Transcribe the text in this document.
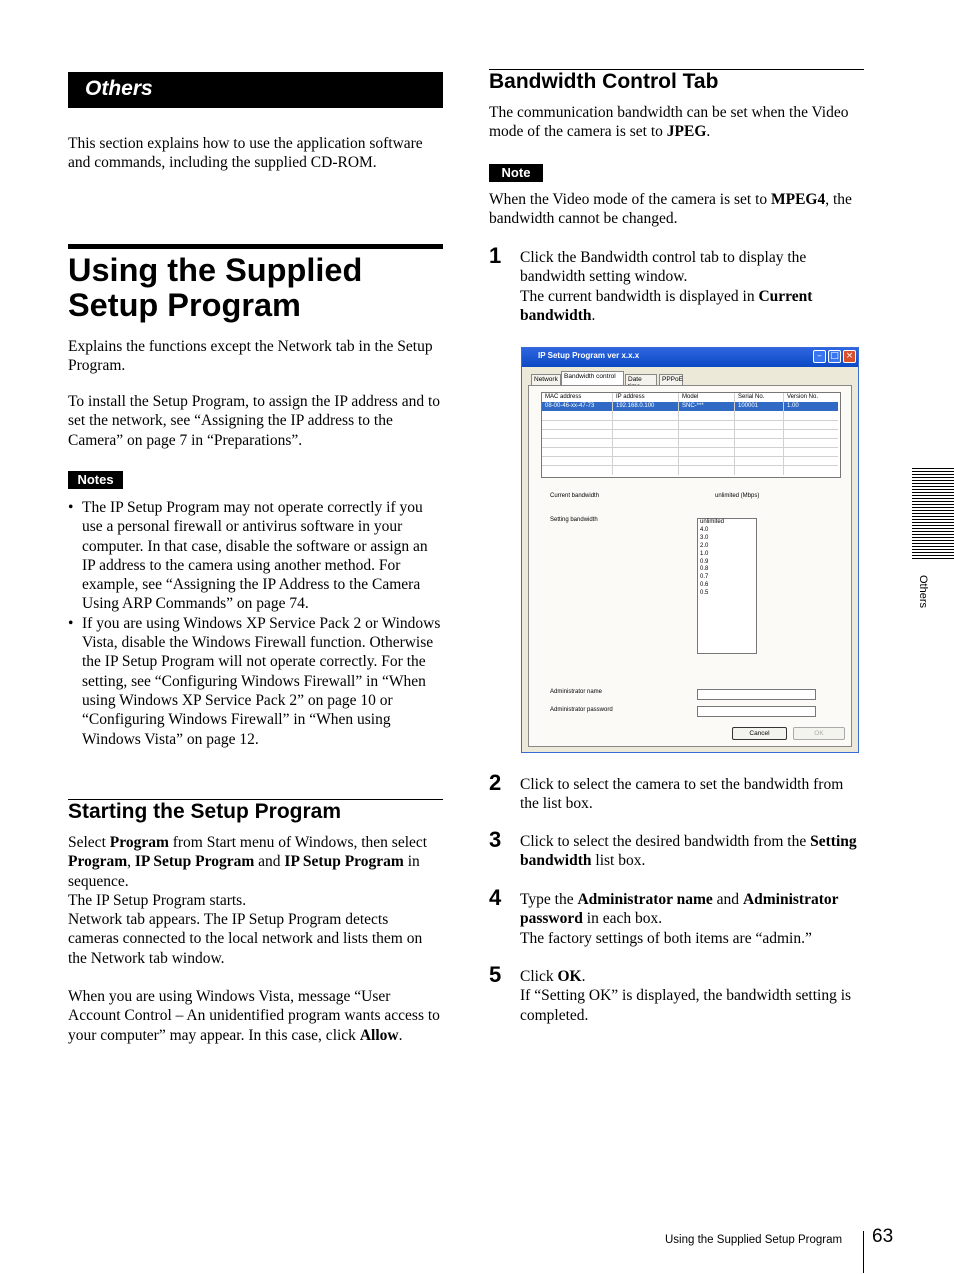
Others

This section explains how to use the application software and commands, including the supplied CD-ROM.

Using the Supplied
Setup Program

Explains the functions except the Network tab in the Setup Program.

To install the Setup Program, to assign the IP address and to set the network, see “Assigning the IP address to the Camera” on page 7 in “Preparations”.

Notes
• The IP Setup Program may not operate correctly if you use a personal firewall or antivirus software in your computer. In that case, disable the software or assign an IP address to the camera using another method. For example, see “Assigning the IP Address to the Camera Using ARP Commands” on page 74.
• If you are using Windows XP Service Pack 2 or Windows Vista, disable the Windows Firewall function. Otherwise the IP Setup Program will not operate correctly. For the setting, see “Configuring Windows Firewall” in “When using Windows XP Service Pack 2” on page 10 or “Configuring Windows Firewall” in “When using Windows Vista” on page 12.
Starting the Setup Program

Select Program from Start menu of Windows, then select Program, IP Setup Program and IP Setup Program in sequence.

The IP Setup Program starts.

Network tab appears. The IP Setup Program detects cameras connected to the local network and lists them on the Network tab window.

When you are using Windows Vista, message “User Account Control – An unidentified program wants access to your computer” may appear. In this case, click Allow.

Bandwidth Control Tab

The communication bandwidth can be set when the Video mode of the camera is set to JPEG.

Note

When the Video mode of the camera is set to MPEG4, the bandwidth cannot be changed.

1 Click the Bandwidth control tab to display the bandwidth setting window.

The current bandwidth is displayed in Current bandwidth.

IP Setup Program ver x.x.x	– □ ×
Network Bandwidth control	Date	PPPoE
MAC address	IP address	Model	Serial No.	Version No.
08-00-46-xx-47-73	192.168.0.100	SNC-***	100001	1.00
Current bandwidth	unlimited (Mbps)
Setting bandwidth	unlimited
4.0
3.0
2.0
1.0
0.9
0.8
0.7
0.6
0.5
Administrator name
Administrator password
Cancel	OK
2 Click to select the camera to set the bandwidth from the list box.

3 Click to select the desired bandwidth from the Setting bandwidth list box.

4 Type the Administrator name and Administrator password in each box.

The factory settings of both items are “admin.”

5 Click OK.

If “Setting OK” is displayed, the bandwidth setting is completed.

Others
Using the Supplied Setup Program 63
